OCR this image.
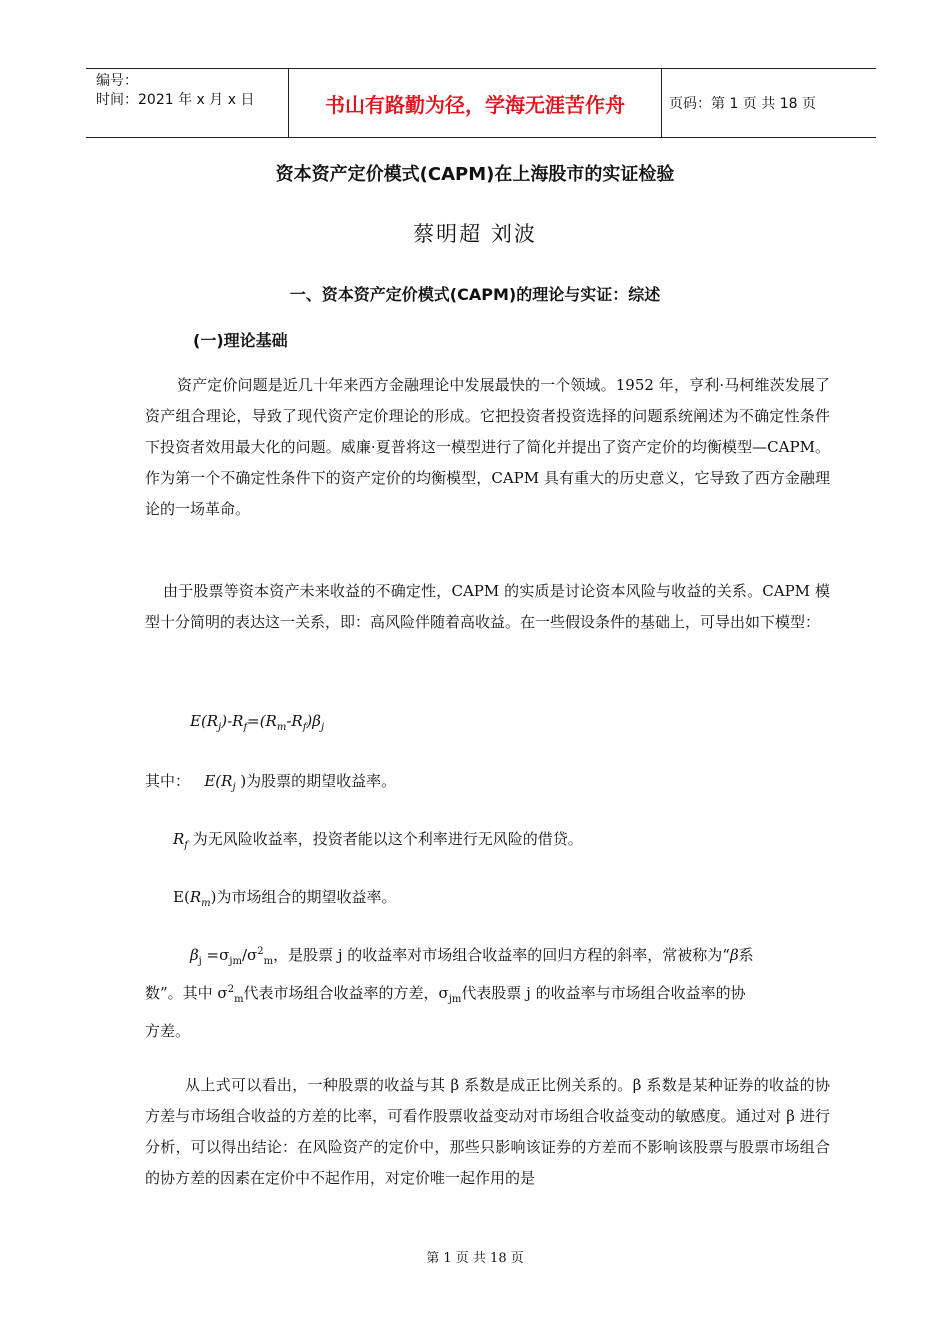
编号：
时间：2021 年 x 月 x 日	书山有路勤为径，学海无涯苦作舟	页码：第 1 页 共 18 页
资本资产定价模式(CAPM)在上海股市的实证检验
蔡明超 刘波
一、资本资产定价模式(CAPM)的理论与实证：综述
(一)理论基础
资产定价问题是近几十年来西方金融理论中发展最快的一个领域。1952 年，亨利·马柯维茨发展了资产组合理论，导致了现代资产定价理论的形成。它把投资者投资选择的问题系统阐述为不确定性条件下投资者效用最大化的问题。威廉·夏普将这一模型进行了简化并提出了资产定价的均衡模型—CAPM。作为第一个不确定性条件下的资产定价的均衡模型，CAPM 具有重大的历史意义，它导致了西方金融理论的一场革命。
由于股票等资本资产未来收益的不确定性，CAPM 的实质是讨论资本风险与收益的关系。CAPM 模型十分简明的表达这一关系，即：高风险伴随着高收益。在一些假设条件的基础上，可导出如下模型：
$E(R_j)-R_f=(R_m-R_f)\beta_j$
其中： $E(R_j$ )为股票的期望收益率。
$R_f$ 为无风险收益率，投资者能以这个利率进行无风险的借贷。
$E(R_m)$为市场组合的期望收益率。
$\beta_j =\sigma_{jm}/\sigma^2_m$，是股票 j 的收益率对市场组合收益率的回归方程的斜率，常被称为“β系
数”。其中 $\sigma^2_m$代表市场组合收益率的方差，$\sigma_{jm}$代表股票 j 的收益率与市场组合收益率的协
方差。
从上式可以看出，一种股票的收益与其 β 系数是成正比例关系的。β 系数是某种证券的收益的协方差与市场组合收益的方差的比率，可看作股票收益变动对市场组合收益变动的敏感度。通过对 β 进行分析，可以得出结论：在风险资产的定价中，那些只影响该证券的方差而不影响该股票与股票市场组合的协方差的因素在定价中不起作用，对定价唯一起作用的是
第 1 页 共 18 页
